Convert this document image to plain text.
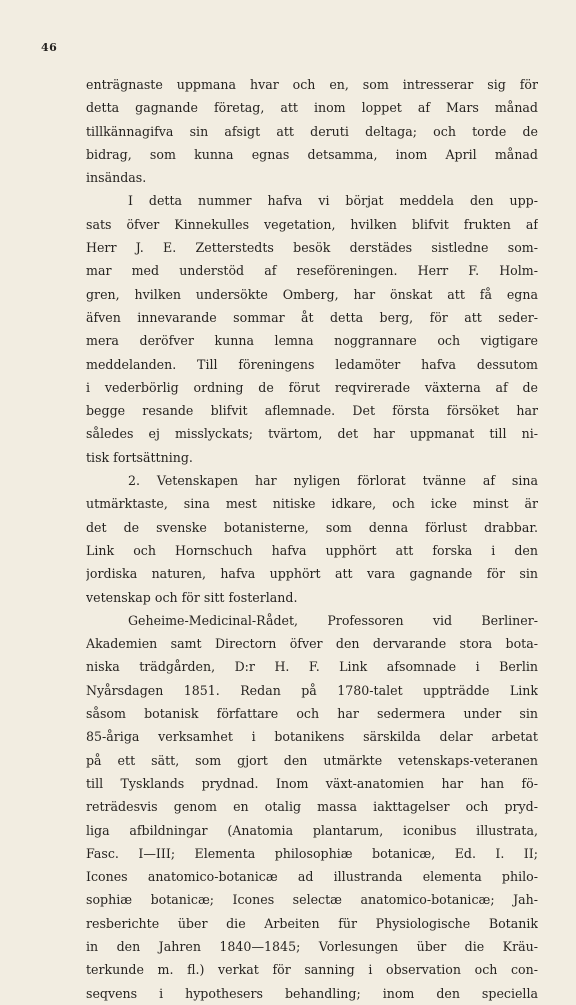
46
enträgnaste uppmana hvar och en, som intresserar sig för
detta gagnande företag, att inom loppet af Mars månad
tillkännagifva sin afsigt att deruti deltaga; och torde de
bidrag, som kunna egnas detsamma, inom April månad
insändas.
I detta nummer hafva vi börjat meddela den upp-
sats öfver Kinnekulles vegetation, hvilken blifvit frukten af
Herr J. E. Zetterstedts besök derstädes sistledne som-
mar med understöd af reseföreningen. Herr F. Holm-
gren, hvilken undersökte Omberg, har önskat att få egna
äfven innevarande sommar åt detta berg, för att seder-
mera deröfver kunna lemna noggrannare och vigtigare
meddelanden. Till föreningens ledamöter hafva dessutom
i vederbörlig ordning de förut reqvirerade växterna af de
begge resande blifvit aflemnade. Det första försöket har
således ej misslyckats; tvärtom, det har uppmanat till ni-
tisk fortsättning.
2. Vetenskapen har nyligen förlorat tvänne af sina
utmärktaste, sina mest nitiske idkare, och icke minst är
det de svenske botanisterne, som denna förlust drabbar.
Link och Hornschuch hafva upphört att forska i den
jordiska naturen, hafva upphört att vara gagnande för sin
vetenskap och för sitt fosterland.
Geheime-Medicinal-Rådet, Professoren vid Berliner-
Akademien samt Directorn öfver den dervarande stora bota-
niska trädgården, D:r H. F. Link afsomnade i Berlin
Nyårsdagen 1851. Redan på 1780-talet uppträdde Link
såsom botanisk författare och har sedermera under sin
85-åriga verksamhet i botanikens särskilda delar arbetat
på ett sätt, som gjort den utmärkte vetenskaps-veteranen
till Tysklands prydnad. Inom växt-anatomien har han fö-
reträdesvis genom en otalig massa iakttagelser och pryd-
liga afbildningar (Anatomia plantarum, iconibus illustrata,
Fasc. I—III; Elementa philosophiæ botanicæ, Ed. I. II;
Icones anatomico-botanicæ ad illustranda elementa philo-
sophiæ botanicæ; Icones selectæ anatomico-botanicæ; Jah-
resberichte über die Arbeiten für Physiologische Botanik
in den Jahren 1840—1845; Vorlesungen über die Kräu-
terkunde m. fl.) verkat för sanning i observation och con-
seqvens i hypothesers behandling; inom den speciella
